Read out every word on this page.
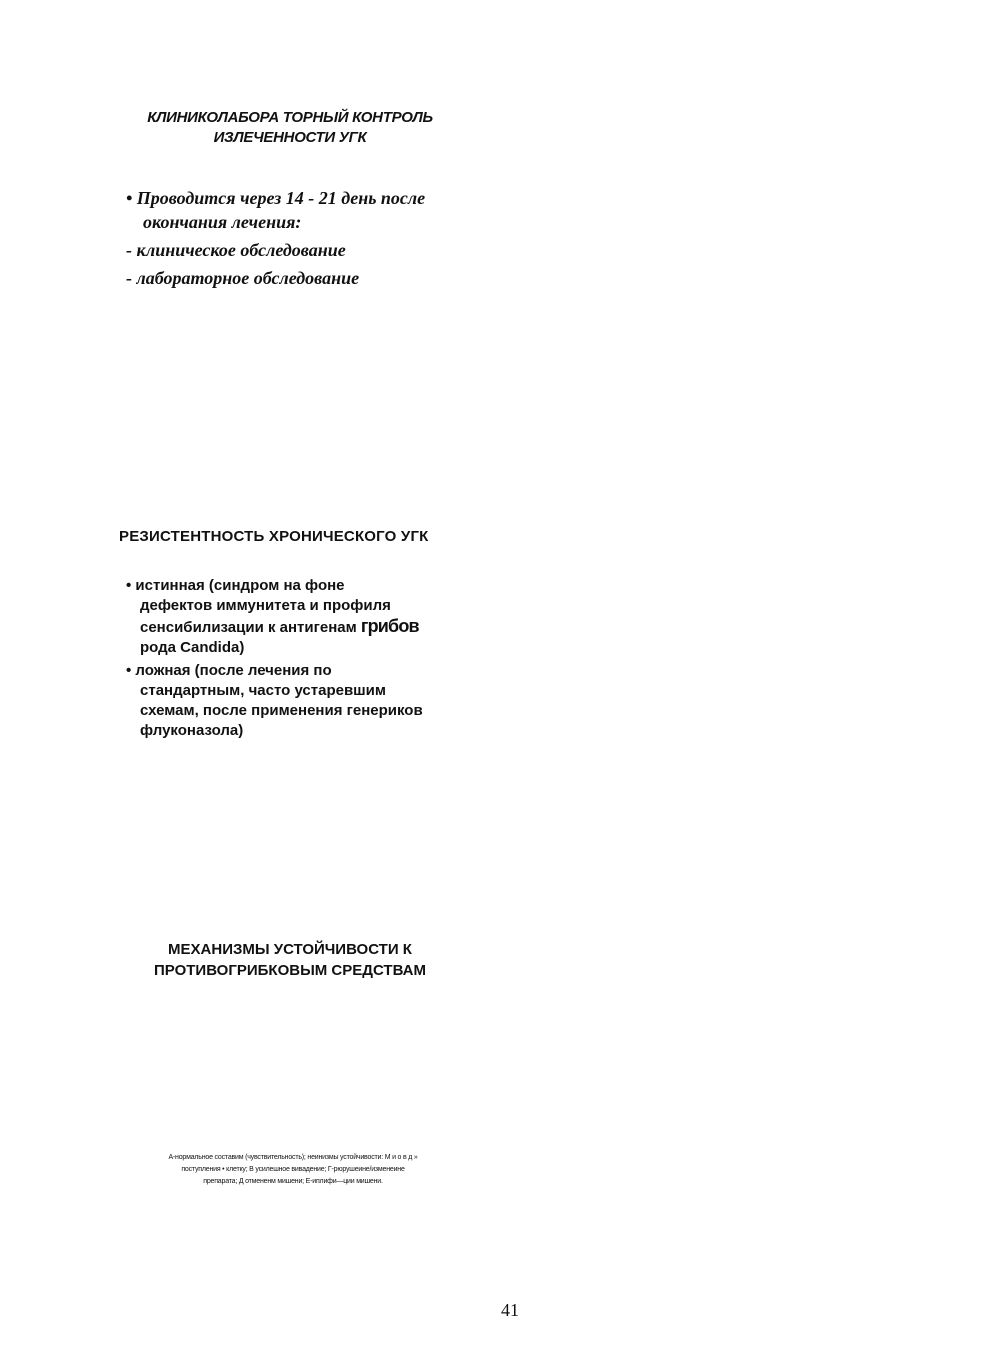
КЛИНИКОЛАБОРА ТОРНЫЙ КОНТРОЛЬ
ИЗЛЕЧЕННОСТИ УГК
• Проводится через 14 - 21 день после
окончания лечения:
- клиническое обследование
- лабораторное обследование
РЕЗИСТЕНТНОСТЬ ХРОНИЧЕСКОГО УГК
• истинная (синдром на фоне
дефектов иммунитета и профиля
сенсибилизации к антигенам грибов
рода Candida)
• ложная (после лечения по
стандартным, часто устаревшим
схемам, после применения генериков
флуконазола)
МЕХАНИЗМЫ УСТОЙЧИВОСТИ К
ПРОТИВОГРИБКОВЫМ СРЕДСТВАМ
А-нормальное составим (чувствительность); неинизмы устойчивости: М и о в д »
поступления • клетку; В усилешное вивадение; Г-рюрушеине/изменеине
препарата; Д отмененм мишени; Е-иплифи—ции мишени.
41
